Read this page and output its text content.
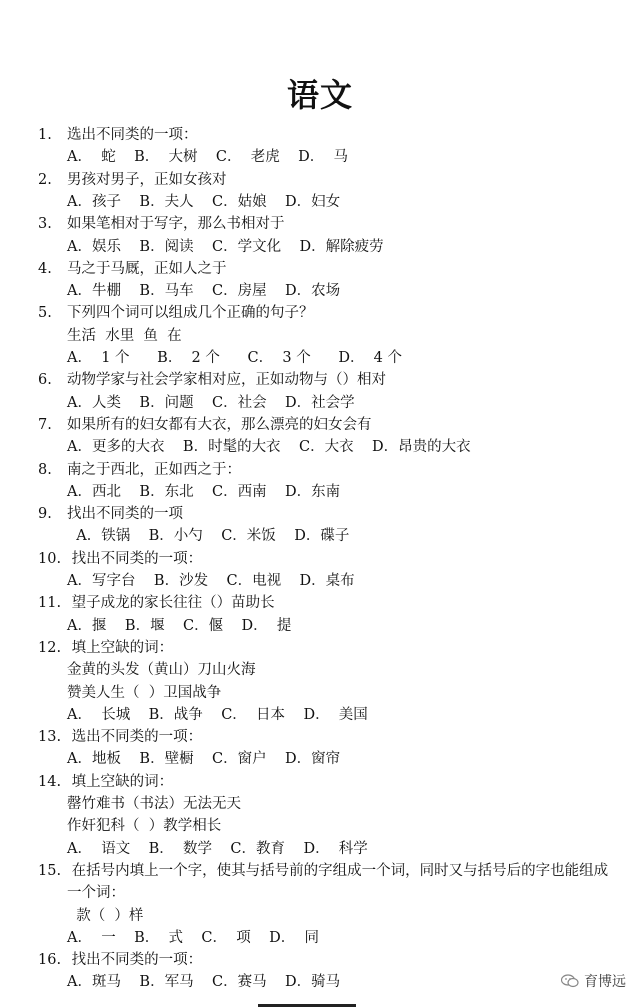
语文
1. 选出不同类的一项：
A．  蛇    B．  大树    C．  老虎    D．  马
2. 男孩对男子，正如女孩对
A．孩子    B．夫人    C．姑娘    D．妇女
3. 如果笔相对于写字，那么书相对于
A．娱乐    B．阅读    C．学文化    D．解除疲劳
4. 马之于马厩，正如人之于
A．牛棚    B．马车    C．房屋    D．农场
5. 下列四个词可以组成几个正确的句子？
生活  水里  鱼  在
A．  1 个      B．  2 个      C．  3 个      D．  4 个
6. 动物学家与社会学家相对应，正如动物与（）相对
A．人类    B．问题    C．社会    D．社会学
7. 如果所有的妇女都有大衣，那么漂亮的妇女会有
A．更多的大衣    B．时髦的大衣    C．大衣    D．昂贵的大衣
8. 南之于西北，正如西之于：
A．西北    B．东北    C．西南    D．东南
9. 找出不同类的一项
A．铁锅    B．小勺    C．米饭    D．碟子
10. 找出不同类的一项：
A．写字台    B．沙发    C．电视    D．桌布
11. 望子成龙的家长往往（）苗助长
A．揠    B．堰    C．偃    D．  提
12. 填上空缺的词：
金黄的头发（黄山）刀山火海
赞美人生（  ）卫国战争
A．  长城    B．战争    C．  日本    D．  美国
13. 选出不同类的一项：
A．地板    B．壁橱    C．窗户    D．窗帘
14. 填上空缺的词：
罄竹难书（书法）无法无天
作奸犯科（  ）教学相长
A．  语文    B．  数学    C．教育    D．  科学
15. 在括号内填上一个字，使其与括号前的字组成一个词，同时又与括号后的字也能组成
一个词：
款（  ）样
A．  一    B．  式    C．  项    D．  同
16. 找出不同类的一项：
A．斑马    B．军马    C．赛马    D．骑马	育博远
